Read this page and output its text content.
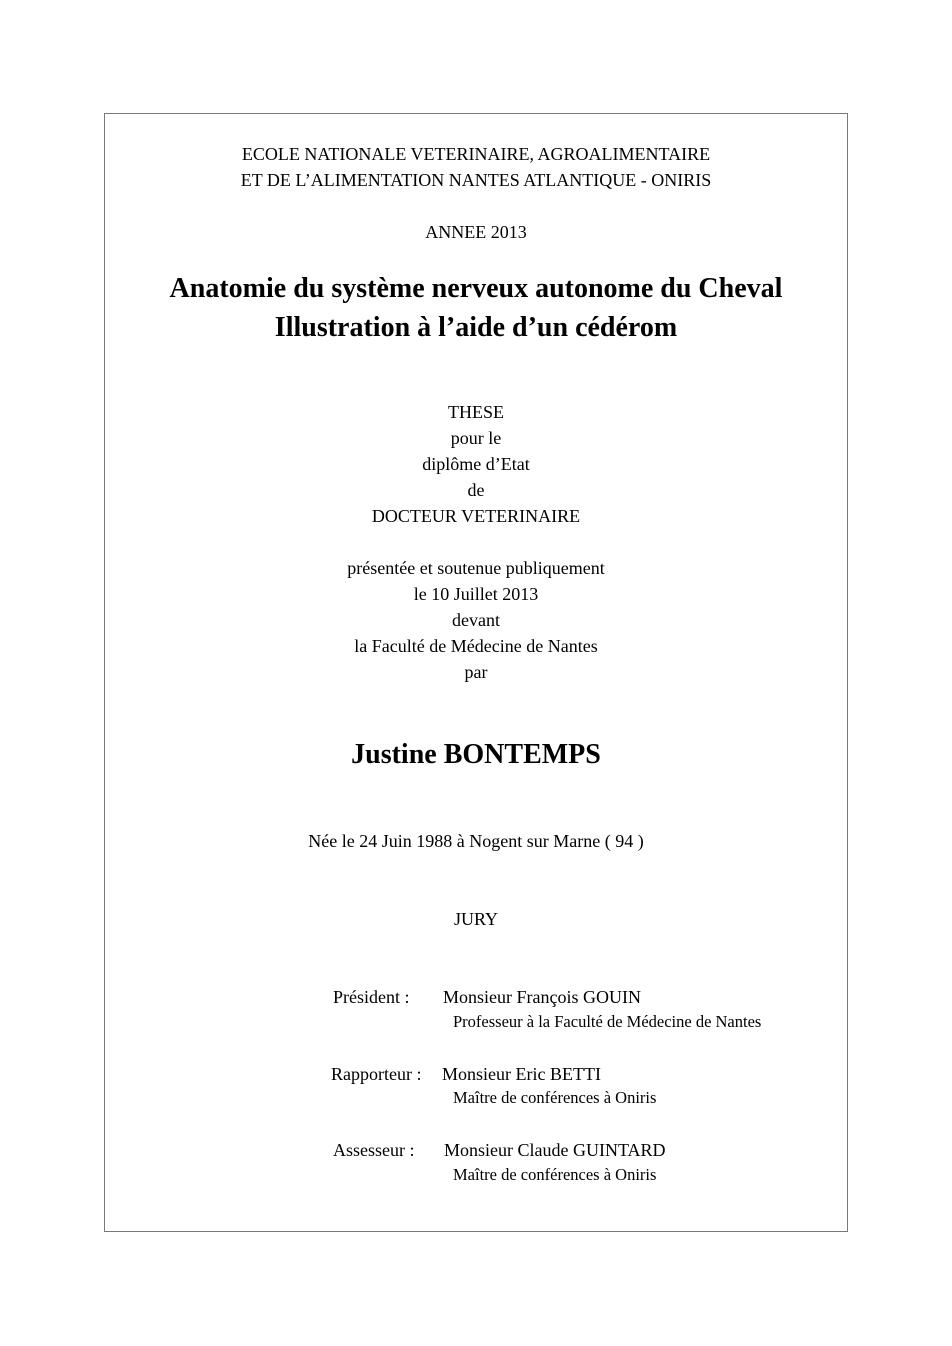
ECOLE NATIONALE VETERINAIRE, AGROALIMENTAIRE
ET DE L’ALIMENTATION NANTES ATLANTIQUE - ONIRIS
ANNEE 2013
Anatomie du système nerveux autonome du Cheval
Illustration à l’aide d’un cédérom
THESE
pour le
diplôme d’Etat
de
DOCTEUR VETERINAIRE
présentée et soutenue publiquement
le 10 Juillet 2013
devant
la Faculté de Médecine de Nantes
par
Justine BONTEMPS
Née le 24 Juin 1988 à Nogent sur Marne ( 94 )
JURY
Président : Monsieur François GOUIN
Professeur à la Faculté de Médecine de Nantes
Rapporteur : Monsieur Eric BETTI
Maître de conférences à Oniris
Assesseur : Monsieur Claude GUINTARD
Maître de conférences à Oniris
